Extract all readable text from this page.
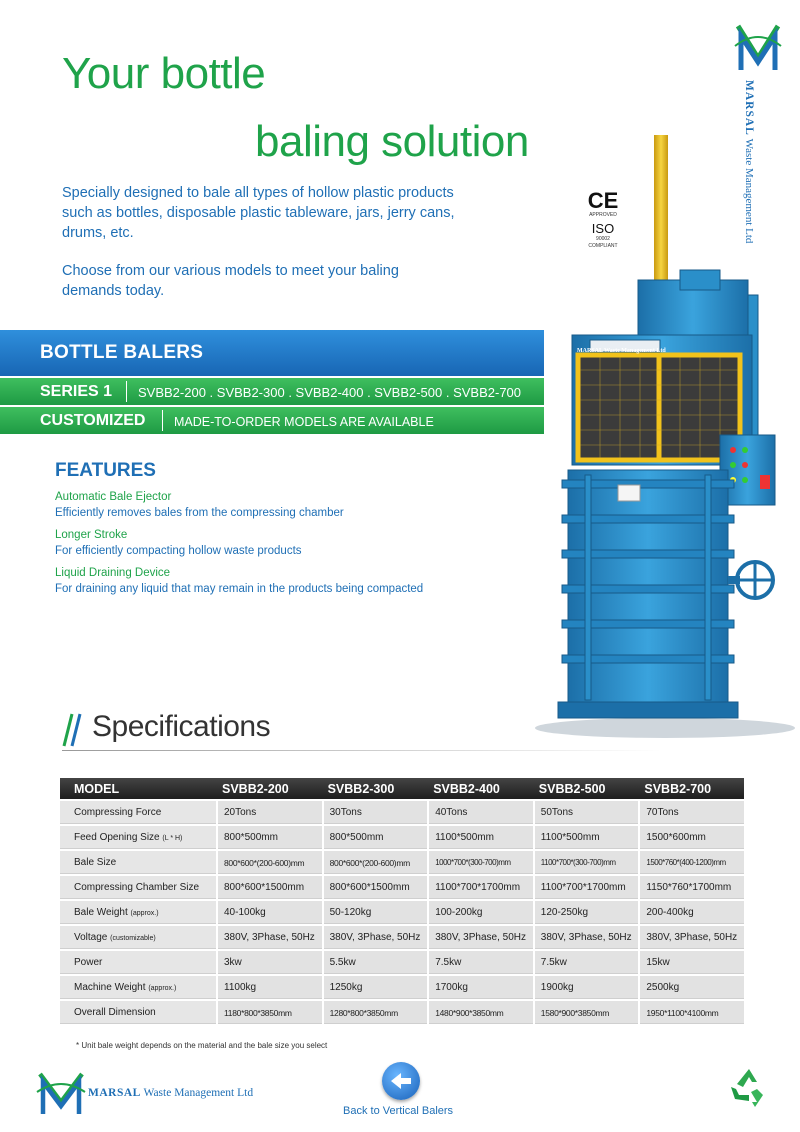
Your bottle
baling solution
Specially designed to bale all types of hollow plastic products such as bottles, disposable plastic tableware, jars, jerry cans, drums, etc.
Choose from our various models to meet your baling demands today.
MARSAL Waste Management Ltd
CE
APPROVED
ISO
90002
COMPLIANT
MARSAL Waste Management Ltd
BOTTLE BALERS
SERIES 1 SVBB2-200 . SVBB2-300 . SVBB2-400 . SVBB2-500 . SVBB2-700
CUSTOMIZED MADE-TO-ORDER MODELS ARE AVAILABLE
FEATURES
Automatic Bale Ejector
Efficiently removes bales from the compressing chamber
Longer Stroke
For efficiently compacting hollow waste products
Liquid Draining Device
For draining any liquid that may remain in the products being compacted
Specifications
MODEL	SVBB2-200	SVBB2-300	SVBB2-400	SVBB2-500	SVBB2-700
Compressing Force	20Tons	30Tons	40Tons	50Tons	70Tons
Feed Opening Size (L * H)	800*500mm	800*500mm	1100*500mm	1100*500mm	1500*600mm
Bale Size	800*600*(200-600)mm	800*600*(200-600)mm	1000*700*(300-700)mm	1100*700*(300-700)mm	1500*760*(400-1200)mm
Compressing Chamber Size	800*600*1500mm	800*600*1500mm	1100*700*1700mm	1100*700*1700mm	1150*760*1700mm
Bale Weight (approx.)	40-100kg	50-120kg	100-200kg	120-250kg	200-400kg
Voltage (customizable)	380V, 3Phase, 50Hz	380V, 3Phase, 50Hz	380V, 3Phase, 50Hz	380V, 3Phase, 50Hz	380V, 3Phase, 50Hz
Power	3kw	5.5kw	7.5kw	7.5kw	15kw
Machine Weight (approx.)	1100kg	1250kg	1700kg	1900kg	2500kg
Overall Dimension	1180*800*3850mm	1280*800*3850mm	1480*900*3850mm	1580*900*3850mm	1950*1100*4100mm
* Unit bale weight depends on the material and the bale size you select
MARSAL Waste Management Ltd
Back to Vertical Balers
